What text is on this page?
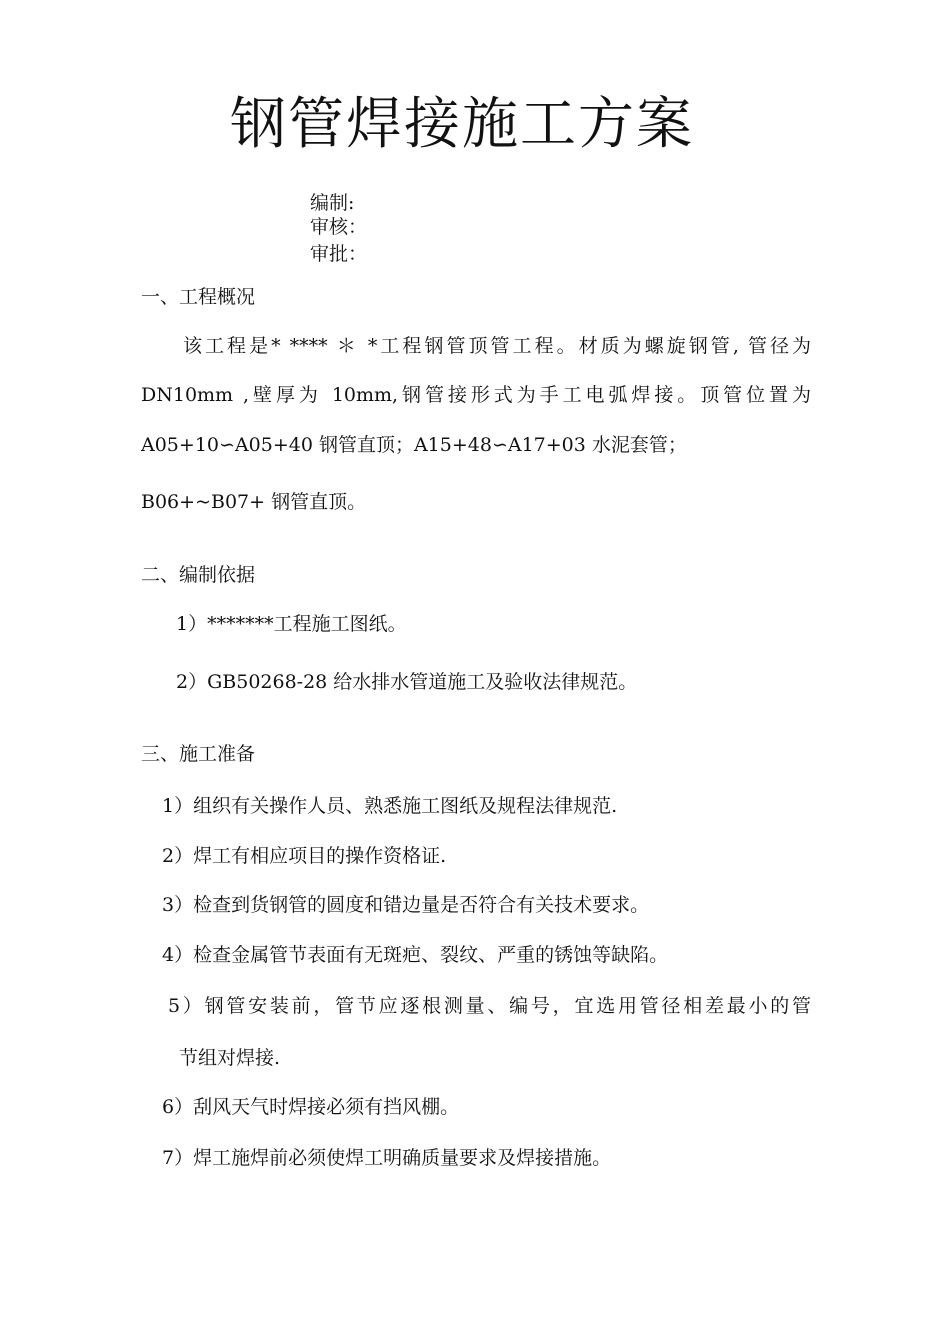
钢管焊接施工方案
编制:
审核：
审批：
一、工程概况
该工程是* **** ＊ *工程钢管顶管工程。材质为螺旋钢管, 管径为
DN10mm ,壁厚为 10mm,钢管接形式为手工电弧焊接。顶管位置为
A05+10∽A05+40 钢管直顶；A15+48∽A17+03 水泥套管；
B06+~B07+ 钢管直顶。
二、编制依据
1）*******工程施工图纸。
2）GB50268-28 给水排水管道施工及验收法律规范。
三、施工准备
1）组织有关操作人员、熟悉施工图纸及规程法律规范.
2）焊工有相应项目的操作资格证.
3）检查到货钢管的圆度和错边量是否符合有关技术要求。
4）检查金属管节表面有无斑疤、裂纹、严重的锈蚀等缺陷。
5）钢管安装前，管节应逐根测量、编号，宜选用管径相差最小的管
节组对焊接.
6）刮风天气时焊接必须有挡风棚。
7）焊工施焊前必须使焊工明确质量要求及焊接措施。
